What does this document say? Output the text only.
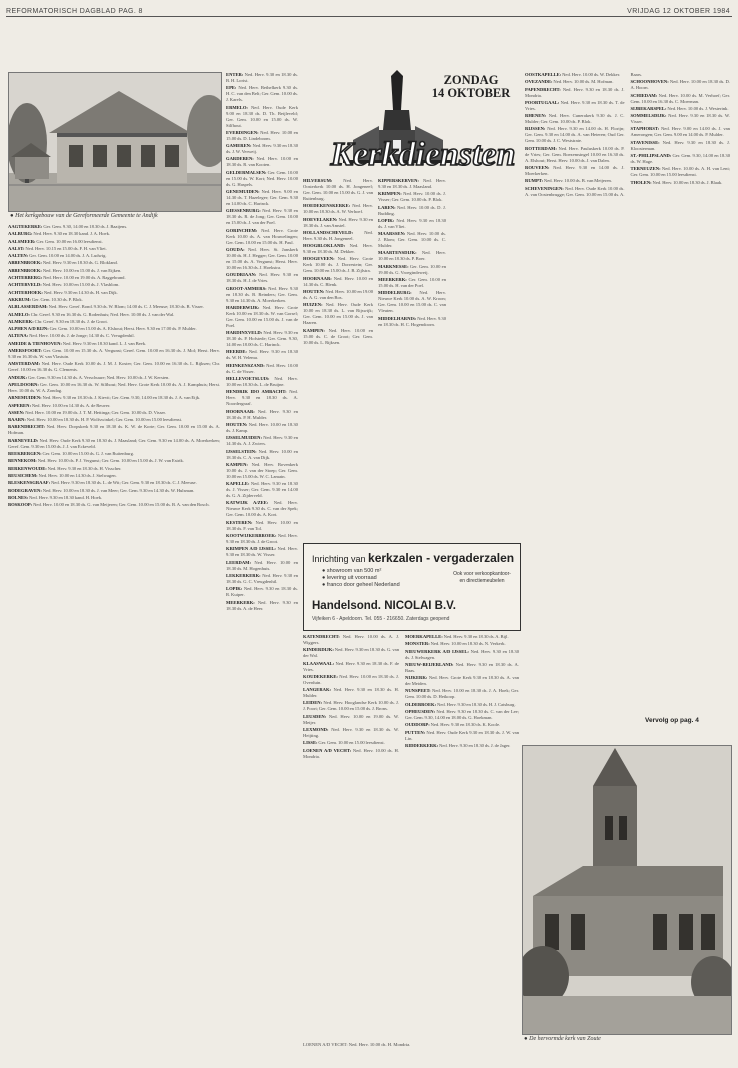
REFORMATORISCH DAGBLAD PAG. 8	VRIJDAG 12 OKTOBER 1984
● Het kerkgebouw van de Gereformeerde Gemeente te Andijk
ZONDAG
14 OKTOBER
Kerkdiensten

AAGTEKERKE: Ger. Gem. 9.30, 14.00 en 18.30 ds. J. Baaijens.

AALBURG: Ned. Herv. 9.30 en 18.30 kand. J. A. Hoek.

AALSMEER: Ger. Gem. 10.00 en 16.00 leesdienst.

AALST: Ned. Herv. 10.15 en 15.00 ds. F. H. van Vliet.

AALTEN: Ger. Gem. 10.00 en 14.00 ds. J. A. Ludwig.

ABBENBROEK: Ned. Herv. 9.30 en 18.30 ds. G. Blokland.

ABBENBROEK: Ned. Herv. 10.00 en 15.00 ds. J. van Eijken.

ACHTERBERG: Ned. Herv. 10.00 en 19.00 ds. A. Raggebrand.

ACHTERVELD: Ned. Herv. 10.00 en 15.00 ds. J. Vlasblom.

ACHTERHOEK: Ned. Herv. 9.30 en 14.30 ds. H. van Dijk.

AKKRUM: Ger. Gem. 10.30 ds. P. Blok.

ALBLASSERDAM: Ned. Herv. Geref. Bond. 9.30 ds. W. Blom; 14.00 ds. C. J. Meeuse; 18.30 ds. B. Visser.

ALMELO: Chr. Geref. 9.30 en 16.30 ds. G. Rodenhuis; Ned. Herv. 10.00 ds. J. van der Wal.

ALMKERK: Chr. Geref. 9.30 en 18.30 ds. J. de Groot.

ALPHEN A/D RIJN: Ger. Gem. 10.00 en 15.00 ds. A. Elshout; Herst. Herv. 9.30 en 17.00 ds. P. Mulder.

ALTENA: Ned. Herv. 10.00 ds. J. de Jonge; 14.30 ds. C. Vreugdenhil.

AMEIDE & TIENHOVEN: Ned. Herv. 9.30 en 18.30 kand. L. J. van Beek.

AMERSFOORT: Ger. Gem. 10.00 en 15.30 ds. A. Vergunst; Geref. Gem. 10.00 en 16.30 ds. J. Mol; Herst. Herv. 9.30 en 16.30 ds. W. van Vlastuin.

AMSTERDAM: Ned. Herv. Oude Kerk 10.00 ds. J. M. J. Koster; Ger. Gem. 10.00 en 16.30 ds. L. Rijksen; Chr. Geref. 10.00 en 16.30 ds. G. Clements.

ANDIJK: Ger. Gem. 9.30 en 14.30 ds. A. Verschuure; Ned. Herv. 10.00 ds. J. W. Kersten.

APELDOORN: Ger. Gem. 10.00 en 16.30 ds. W. Silfhout; Ned. Herv. Grote Kerk 10.00 ds. A. J. Kamphuis; Herst. Herv. 10.00 ds. W. A. Zondag.

ARNEMUIDEN: Ned. Herv. 9.30 en 18.30 ds. J. Kievit; Ger. Gem. 9.30, 14.00 en 18.30 ds. J. A. van Eijk.

ASPEREN: Ned. Herv. 10.00 en 14.30 ds. A. de Reuver.

ASSEN: Ned. Herv. 10.00 en 19.00 ds. J. T. M. Hettinga; Ger. Gem. 10.00 ds. D. Visser.

BAARN: Ned. Herv. 10.00 en 18.30 ds. H. P. Wolfswinkel; Ger. Gem. 10.00 en 15.00 leesdienst.

BARENDRECHT: Ned. Herv. Dorpskerk 9.30 en 18.30 ds. K. W. de Korte; Ger. Gem. 10.00 en 15.00 ds. A. Hofman.

BARNEVELD: Ned. Herv. Oude Kerk 9.30 en 18.30 ds. J. Maasland; Ger. Gem. 9.30 en 14.00 ds. A. Moerkerken; Geref. Gem. 9.30 en 15.00 ds. J. J. van Eckeveld.

BEEKBERGEN: Ger. Gem. 10.00 en 15.00 ds. G. J. van Ruitenburg.

BENNEKOM: Ned. Herv. 10.00 ds. P. J. Vergunst; Ger. Gem. 10.00 en 15.00 ds. J. W. van Estrik.

BERKENWOUDE: Ned. Herv. 9.30 en 18.30 ds. H. Visscher.

BEUSICHEM: Ned. Herv. 10.00 en 14.30 ds. J. Stelwagen.

BLESKENSGRAAF: Ned. Herv. 9.30 en 18.30 ds. L. de Wit; Ger. Gem. 9.30 en 18.30 ds. C. J. Meeuse.

BODEGRAVEN: Ned. Herv. 10.00 en 18.30 ds. J. van Meer; Ger. Gem. 9.30 en 14.30 ds. W. Hulsman.

BOLNES: Ned. Herv. 9.30 en 18.30 kand. H. Hoek.

BOSKOOP: Ned. Herv. 10.00 en 18.30 ds. G. van Meijeren; Ger. Gem. 10.00 en 15.00 ds. B. A. van den Bosch.

ENTER: Ned. Herv. 9.30 en 18.30 ds. B. H. Lorist.

EPE: Ned. Herv. Bethelkerk 9.30 ds. H. C. van den Belt; Ger. Gem. 10.00 ds. J. Karels.

ERMELO: Ned. Herv. Oude Kerk 9.00 en 18.30 ds. D. Th. Beijleveld; Ger. Gem. 10.00 en 15.00 ds. W. Silfhout.

EVERDINGEN: Ned. Herv. 10.00 en 15.00 ds. D. Lindeboom.

GAMEREN: Ned. Herv. 9.30 en 18.30 ds. J. W. Verweij.

GARDEREN: Ned. Herv. 10.00 en 18.30 ds. R. van Kooten.

GELDERMALSEN: Ger. Gem. 10.00 en 15.00 ds. W. Kort; Ned. Herv. 10.00 ds. G. Haspels.

GENEMUIDEN: Ned. Herv. 9.00 en 14.30 ds. T. Hazeleger; Ger. Gem. 9.30 en 14.00 ds. C. Harinck.

GIESSENBURG: Ned. Herv. 9.30 en 18.30 ds. R. de Jong; Ger. Gem. 10.00 en 15.00 ds. J. van der Poel.

GORINCHEM: Ned. Herv. Grote Kerk 10.00 ds. A. van Houwelingen; Ger. Gem. 10.00 en 15.00 ds. H. Paul.

GOUDA: Ned. Herv. St. Janskerk 10.00 ds. H. J. Hegger; Ger. Gem. 10.00 en 15.00 ds. A. Vergunst; Herst. Herv. 10.00 en 16.30 ds. J. Hoekstra.

GOUDRIAAN: Ned. Herv. 9.30 en 18.30 ds. H. J. de Vries.

GROOT-AMMERS: Ned. Herv. 9.30 en 18.30 ds. B. Reinders; Ger. Gem. 9.30 en 14.30 ds. A. Moerkerken.

HARDERWIJK: Ned. Herv. Grote Kerk 10.00 en 18.30 ds. W. van Gorsel; Ger. Gem. 10.00 en 15.00 ds. J. van de Poel.

HARDINXVELD: Ned. Herv. 9.30 en 18.30 ds. P. Hofstede; Ger. Gem. 9.30, 14.00 en 18.00 ds. C. Harinck.

HEERDE: Ned. Herv. 9.30 en 18.30 ds. W. H. Velema.

HEINKENSZAND: Ned. Herv. 10.00 ds. C. de Visser.

HELLEVOETSLUIS: Ned. Herv. 10.00 en 18.30 ds. L. de Bruijne.

HENDRIK IDO AMBACHT: Ned. Herv. 9.30 en 18.30 ds. A. Noordergraaf.

HOORNAAR: Ned. Herv. 9.30 en 18.30 ds. P. H. Mulder.

HOUTEN: Ned. Herv. 10.00 en 18.30 ds. J. Kamp.

IJSSELMUIDEN: Ned. Herv. 9.30 en 14.30 ds. A. J. Zwiers.

IJSSELSTEIN: Ned. Herv. 10.00 en 18.30 ds. C. A. van Dijk.

KAMPEN: Ned. Herv. Bovenkerk 10.00 ds. J. van der Stoep; Ger. Gem. 10.00 en 15.00 ds. W. C. Lamain.

KAPELLE: Ned. Herv. 9.30 en 18.30 ds. J. Visser; Ger. Gem. 9.30 en 14.00 ds. G. A. Zijderveld.

KATWIJK A/ZEE: Ned. Herv. Nieuwe Kerk 9.30 ds. C. van der Spek; Ger. Gem. 10.00 ds. A. Kort.

KESTEREN: Ned. Herv. 10.00 en 18.30 ds. F. van Tol.

KOOTWIJKERBROEK: Ned. Herv. 9.30 en 18.30 ds. J. de Groot.

KRIMPEN A/D IJSSEL: Ned. Herv. 9.30 en 18.30 ds. W. Visser.

LEERDAM: Ned. Herv. 10.00 en 18.30 ds. M. Hogenhuis.

LEKKERKERK: Ned. Herv. 9.30 en 18.30 ds. G. C. Vreugdenhil.

LOPIK: Ned. Herv. 9.30 en 18.30 ds. R. Kuiper.

MEERKERK: Ned. Herv. 9.30 en 18.30 ds. A. de Heer.

HILVERSUM: Ned. Herv. Oosterkerk 10.00 ds. H. Jongeneel; Ger. Gem. 10.00 en 15.00 ds. G. J. van Ruitenburg.

HOEDEKENSKERKE: Ned. Herv. 10.00 en 18.30 ds. A. W. Verhoef.

HOEVELAKEN: Ned. Herv. 9.30 en 18.30 ds. J. van Amstel.

HOLLANDSCHEVELD: Ned. Herv. 9.30 ds. H. Jongeneel.

HOOGBLOKLAND: Ned. Herv. 9.30 en 18.30 ds. M. Dekker.

HOOGEVEEN: Ned. Herv. Grote Kerk 10.00 ds. J. Dorrestein; Ger. Gem. 10.00 en 15.00 ds. J. B. Zijlstra.

HOORNAAR: Ned. Herv. 10.00 en 14.30 ds. C. Blenk.

HOUTEN: Ned. Herv. 10.00 en 19.00 ds. A. G. van den Bos.

HUIZEN: Ned. Herv. Oude Kerk 10.00 en 18.30 ds. L. van Rijswijk; Ger. Gem. 10.00 en 15.00 ds. J. van Haaren.

KAMPEN: Ned. Herv. 10.00 en 15.00 ds. C. de Groot; Ger. Gem. 10.00 ds. L. Rijksen.

KIPPERSKERVEN: Ned. Herv. 9.30 en 18.30 ds. J. Maasland.

KRIMPEN: Ned. Herv. 10.00 ds. J. Visser; Ger. Gem. 10.00 ds. P. Blok.

LAREN: Ned. Herv. 10.00 ds. D. J. Budding.

LOPIK: Ned. Herv. 9.30 en 18.30 ds. J. van Vliet.

MAARSSEN: Ned. Herv. 10.00 ds. J. Blom; Ger. Gem. 10.00 ds. C. Mulder.

MAARTENSDIJK: Ned. Herv. 10.00 en 18.30 ds. P. Boer.

MARKNESSE: Ger. Gem. 10.00 en 19.00 ds. G. Vroegindeweij.

MEERKERK: Ger. Gem. 10.00 en 15.00 ds. H. van der Poel.

MIDDELBURG: Ned. Herv. Nieuwe Kerk 10.00 ds. A. W. Kroon; Ger. Gem. 10.00 en 15.00 ds. C. van Vleuten.

MIDDELHARNIS: Ned. Herv. 9.30 en 18.30 ds. H. C. Hogendoorn.

OOSTKAPELLE: Ned. Herv. 10.00 ds. W. Dekker.

OVEZANDE: Ned. Herv. 10.00 ds. M. Hofman.

PAPENDRECHT: Ned. Herv. 9.30 en 18.30 ds. J. Mondria.

POORTUGAAL: Ned. Herv. 9.30 en 18.30 ds. T. de Vries.

RHENEN: Ned. Herv. Cunerakerk 9.30 ds. J. C. Mulder; Ger. Gem. 10.00 ds. P. Blok.

RIJSSEN: Ned. Herv. 9.30 en 14.00 ds. H. Florijn; Ger. Gem. 9.30 en 14.00 ds. A. van Heteren; Oud Ger. Gem. 10.00 ds. J. C. Weststrate.

ROTTERDAM: Ned. Herv. Pauluskerk 10.00 ds. P. de Vries; Ger. Gem. Boezemsingel 10.00 en 16.30 ds. A. Elshout; Herst. Herv. 10.00 ds. J. van Dalen.

ROUVEEN: Ned. Herv. 9.30 en 14.00 ds. J. Moerkerken.

RUMPT: Ned. Herv. 10.00 ds. B. van Meijeren.

SCHEVENINGEN: Ned. Herv. Oude Kerk 10.00 ds. A. van Oostenbrugge; Ger. Gem. 10.00 en 15.00 ds. A. Baars.

SCHOONHOVEN: Ned. Herv. 10.00 en 18.30 ds. D. A. Hoorn.

SCHIEDAM: Ned. Herv. 10.00 ds. M. Verhoef; Ger. Gem. 10.00 en 16.30 ds. C. Moerman.

SIJBEKARSPEL: Ned. Herv. 10.00 ds. J. Westerink.

SOMMELSDIJK: Ned. Herv. 9.30 en 18.30 ds. W. Visser.

STAPHORST: Ned. Herv. 9.00 en 14.00 ds. J. van Amerongen; Ger. Gem. 9.00 en 14.00 ds. P. Mulder.

STAVENISSE: Ned. Herv. 9.30 en 18.30 ds. J. Kloosterman.

ST.-PHILIPSLAND: Ger. Gem. 9.30, 14.00 en 18.30 ds. W. Hage.

TERNEUZEN: Ned. Herv. 10.00 ds. A. H. van Lent; Ger. Gem. 10.00 en 15.00 leesdienst.

THOLEN: Ned. Herv. 10.00 en 18.30 ds. J. Blaak.

KATENDRECHT: Ned. Herv. 10.00 ds. A. J. Wiggers.

KINDERDIJK: Ned. Herv. 9.30 en 18.30 ds. G. van der Wal.

KLAASWAAL: Ned. Herv. 9.30 en 18.30 ds. F. de Vries.

KOUDEKERKE: Ned. Herv. 10.00 en 18.30 ds. J. Overduin.

LANGERAK: Ned. Herv. 9.30 en 18.30 ds. H. Mulder.

LEIDEN: Ned. Herv. Hooglandse Kerk 10.00 ds. J. J. Poort; Ger. Gem. 10.00 en 15.00 ds. J. Brons.

LEUSDEN: Ned. Herv. 10.00 en 19.00 ds. W. Meijer.

LEXMOND: Ned. Herv. 9.30 en 18.30 ds. W. Heijting.

LISSE: Ger. Gem. 10.00 en 15.00 leesdienst.

LOENEN A/D VECHT: Ned. Herv. 10.00 ds. H. Mondria.

MOERKAPELLE: Ned. Herv. 9.30 en 18.30 ds. A. Bijl.

MONSTER: Ned. Herv. 10.00 en 18.30 ds. N. Verkerk.

NIEUWERKERK A/D IJSSEL: Ned. Herv. 9.30 en 18.30 ds. J. Stelwagen.

NIEUW-BEIJERLAND: Ned. Herv. 9.30 en 18.30 ds. A. Baas.

NIJKERK: Ned. Herv. Grote Kerk 9.30 en 18.30 ds. A. van der Meiden.

NUNSPEET: Ned. Herv. 10.00 en 18.30 ds. J. A. Hoek; Ger. Gem. 10.00 ds. D. Heikoop.

OLDEBROEK: Ned. Herv. 9.30 en 18.30 ds. H. J. Catsburg.

OPHEUSDEN: Ned. Herv. 9.30 en 18.30 ds. C. van der Lee; Ger. Gem. 9.30, 14.00 en 18.00 ds. G. Hoekman.

OUDDORP: Ned. Herv. 9.30 en 18.30 ds. K. Koole.

PUTTEN: Ned. Herv. Oude Kerk 9.30 en 18.30 ds. J. W. van Lin.

RIDDERKERK: Ned. Herv. 9.30 en 18.30 ds. J. de Jager.

Inrichting van kerkzalen - vergaderzalen
● showroom van 500 m²
● levering uit voorraad
● franco door geheel Nederland
Ook voor verkoopkantoor- en directiemeubelen
Handelsond. NICOLAI B.V.
Vijfeiken 6 - Apeldoorn. Tel. 055 - 216650. Zaterdags geopend
● De hervormde kerk van Zoute
Vervolg op pag. 4
LOENEN A/D VECHT: Ned. Herv. 10.00 ds. H. Mondria.
